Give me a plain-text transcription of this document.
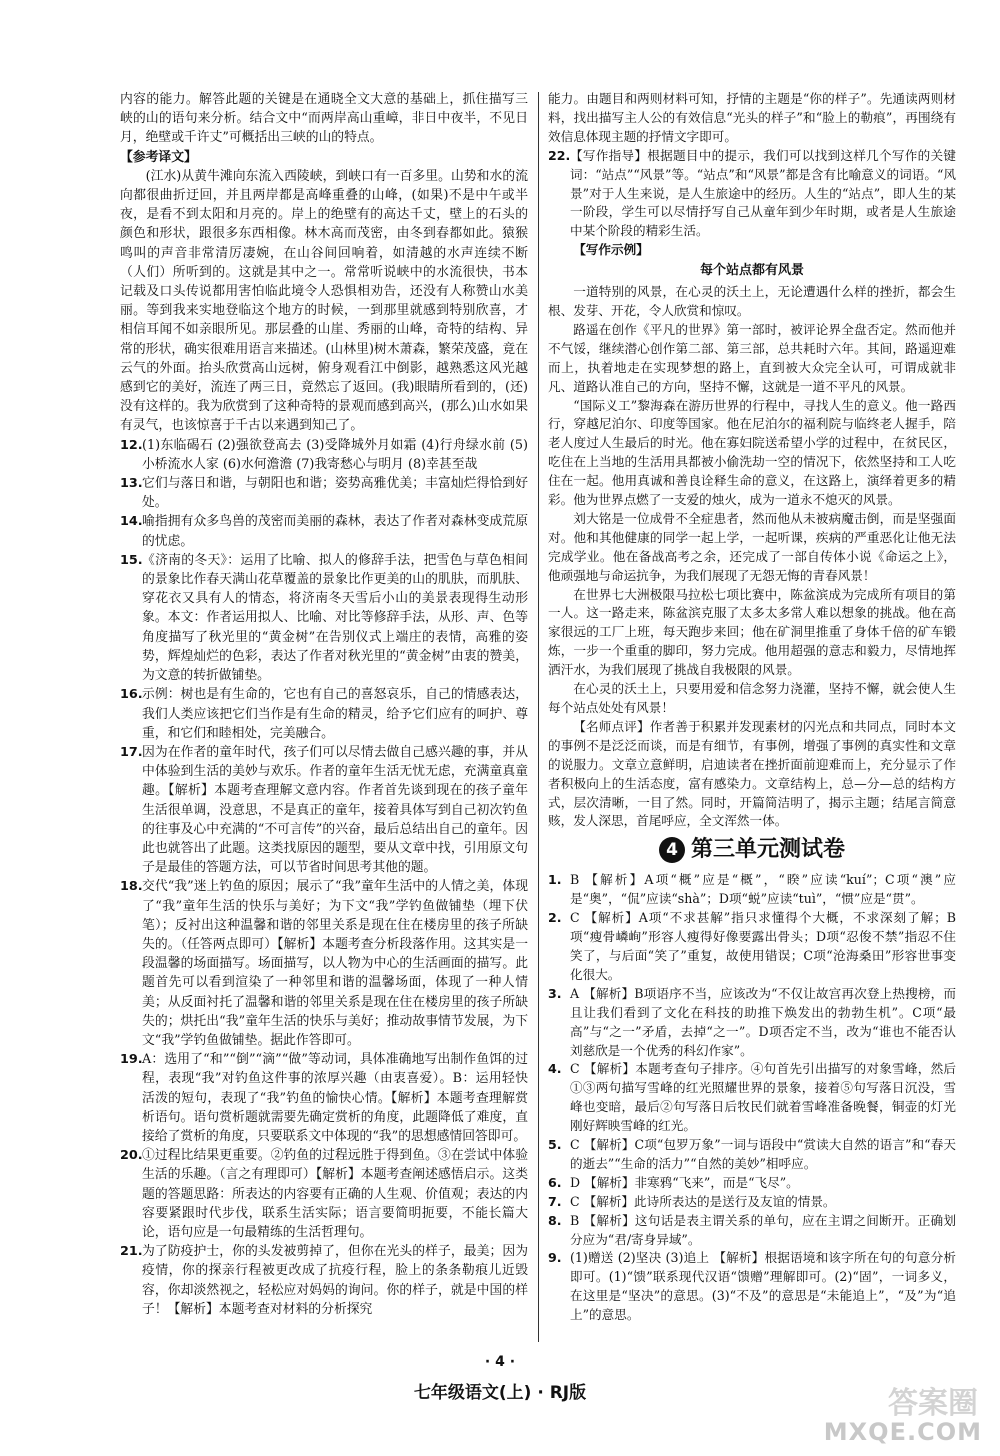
内容的能力。解答此题的关键是在通晓全文大意的基础上，抓住描写三峡的山的语句来分析。结合文中“而两岸高山重嶂，非日中夜半，不见日月，绝壁或千许丈”可概括出三峡的山的特点。

【参考译文】

(江水)从黄牛滩向东流入西陵峡，到峡口有一百多里。山势和水的流向都很曲折迂回，并且两岸都是高峰重叠的山峰，(如果)不是中午或半夜，是看不到太阳和月亮的。岸上的绝壁有的高达千丈，壁上的石头的颜色和形状，跟很多东西相像。林木高而茂密，由冬到春都如此。猿猴鸣叫的声音非常清厉凄婉，在山谷间回响着，如清越的水声连续不断（人们）所听到的。这就是其中之一。常常听说峡中的水流很快，书本记载及口头传说都用害怕临此境令人恐惧相劝告，还没有人称赞山水美丽。等到我来实地登临这个地方的时候，一到那里就感到特别欣喜，才相信耳闻不如亲眼所见。那层叠的山崖、秀丽的山峰，奇特的结构、异常的形状，确实很难用语言来描述。(山林里)树木萧森，繁荣茂盛，竟在云气的外面。抬头欣赏高山远树，俯身观看江中倒影，越熟悉这风光越感到它的美好，流连了两三日，竟然忘了返回。(我)眼睛所看到的，(还)没有这样的。我为欣赏到了这种奇特的景观而感到高兴，(那么)山水如果有灵气，也该惊喜于千古以来遇到知己了。

12. (1)东临碣石 (2)强欲登高去 (3)受降城外月如霜 (4)行舟绿水前 (5)小桥流水人家 (6)水何澹澹 (7)我寄愁心与明月 (8)幸甚至哉

13. 它们与落日和谐，与朝阳也和谐；姿势高雅优美；丰富灿烂得恰到好处。

14. 喻指拥有众多鸟兽的茂密而美丽的森林，表达了作者对森林变成荒原的忧虑。

15. 《济南的冬天》：运用了比喻、拟人的修辞手法，把雪色与草色相间的景象比作春天满山花草覆盖的景象比作更美的山的肌肤，而肌肤、穿花衣又具有人的情态，将济南冬天雪后小山的美景表现得生动形象。本文：作者运用拟人、比喻、对比等修辞手法，从形、声、色等角度描写了秋光里的“黄金树”在告别仪式上端庄的表情，高雅的姿势，辉煌灿烂的色彩，表达了作者对秋光里的“黄金树”由衷的赞美，为文意的转折做铺垫。

16. 示例：树也是有生命的，它也有自己的喜怒哀乐，自己的情感表达，我们人类应该把它们当作是有生命的精灵，给予它们应有的呵护、尊重，和它们和睦相处，完美融合。

17. 因为在作者的童年时代，孩子们可以尽情去做自己感兴趣的事，并从中体验到生活的美妙与欢乐。作者的童年生活无忧无虑，充满童真童趣。【解析】本题考查理解文意内容。作者首先谈到现在的孩子童年生活很单调，没意思，不是真正的童年，接着具体写到自己初次钓鱼的往事及心中充满的“不可言传”的兴奋，最后总结出自己的童年。因此也就答出了此题。这类找原因的题型，要从文章中找，引用原文句子是最佳的答题方法，可以节省时间思考其他的题。

18. 交代“我”迷上钓鱼的原因；展示了“我”童年生活中的人情之美，体现了“我”童年生活的快乐与美好；为下文“我”学钓鱼做铺垫（埋下伏笔）；反衬出这种温馨和谐的邻里关系是现在住在楼房里的孩子所缺失的。（任答两点即可）【解析】本题考查分析段落作用。这其实是一段温馨的场面描写。场面描写，以人物为中心的生活画面的描写。此题首先可以看到渲染了一种邻里和谐的温馨场面，体现了一种人情美；从反面衬托了温馨和谐的邻里关系是现在住在楼房里的孩子所缺失的；烘托出“我”童年生活的快乐与美好；推动故事情节发展，为下文“我”学钓鱼做铺垫。据此作答即可。

19. A：选用了“和”“倒”“滴”“做”等动词，具体准确地写出制作鱼饵的过程，表现“我”对钓鱼这件事的浓厚兴趣（由衷喜爱）。B：运用轻快活泼的短句，表现了“我”钓鱼的愉快心情。【解析】本题考查理解赏析语句。语句赏析题就需要先确定赏析的角度，此题降低了难度，直接给了赏析的角度，只要联系文中体现的“我”的思想感情回答即可。

20. ①过程比结果更重要。②钓鱼的过程远胜于得到鱼。③在尝试中体验生活的乐趣。（言之有理即可）【解析】本题考查阐述感悟启示。这类题的答题思路：所表达的内容要有正确的人生观、价值观；表达的内容要紧跟时代步伐，联系生活实际；语言要简明扼要，不能长篇大论，语句应是一句最精练的生活哲理句。

21. 为了防疫护士，你的头发被剪掉了，但你在光头的样子，最美；因为疫情，你的探亲行程被更改成了抗疫行程，脸上的条条勒痕儿近毁容，你却淡然视之，轻松应对妈妈的询问。你的样子，就是中国的样子！【解析】本题考查对材料的分析探究

能力。由题目和两则材料可知，抒情的主题是“你的样子”。先通读两则材料，找出描写主人公的有效信息“光头的样子”和“脸上的勒痕”，再围绕有效信息体现主题的抒情文字即可。

22. 【写作指导】根据题目中的提示，我们可以找到这样几个写作的关键词：“站点”“风景”等。“站点”和“风景”都是含有比喻意义的词语。“风景”对于人生来说，是人生旅途中的经历。人生的“站点”，即人生的某一阶段，学生可以尽情抒写自己从童年到少年时期，或者是人生旅途中某个阶段的精彩生活。

【写作示例】

每个站点都有风景

一道特别的风景，在心灵的沃土上，无论遭遇什么样的挫折，都会生根、发芽、开花，令人欣赏和惊叹。

路遥在创作《平凡的世界》第一部时，被评论界全盘否定。然而他并不气馁，继续潜心创作第二部、第三部，总共耗时六年。其间，路遥迎难而上，执着地走在实现梦想的路上，直到被大众完全认可，可谓成就非凡、道路认准自己的方向，坚持不懈，这就是一道不平凡的风景。

“国际义工”黎海森在游历世界的行程中，寻找人生的意义。他一路西行，穿越尼泊尔、印度等国家。他在尼泊尔的福利院与临终老人握手，陪老人度过人生最后的时光。他在寡妇院送希望小学的过程中，在贫民区，吃住在上当地的生活用具都被小偷洗劫一空的情况下，依然坚持和工人吃住在一起。他用真诚和善良诠释生命的意义，在这路上，演绎着更多的精彩。他为世界点燃了一支爱的烛火，成为一道永不熄灭的风景。

刘大铭是一位成骨不全症患者，然而他从未被病魔击倒，而是坚强面对。他和其他健康的同学一起上学，一起听课，疾病的严重恶化让他无法完成学业。他在备战高考之余，还完成了一部自传体小说《命运之上》，他顽强地与命运抗争，为我们展现了无怨无悔的青春风景！

在世界七大洲极限马拉松七项比赛中，陈盆滨成为完成所有项目的第一人。这一路走来，陈盆滨克服了太多太多常人难以想象的挑战。他在高家很远的工厂上班，每天跑步来回；他在矿洞里推重了身体千倍的矿车锻炼，一步一个重重的脚印，努力完成。他用超强的意志和毅力，尽情地挥洒汗水，为我们展现了挑战自我极限的风景。

在心灵的沃土上，只要用爱和信念努力浇灌，坚持不懈，就会使人生每个站点处处有风景！

【名师点评】作者善于积累并发现素材的闪光点和共同点，同时本文的事例不是泛泛而谈，而是有细节，有事例，增强了事例的真实性和文章的说服力。文章立意鲜明，启迪读者在挫折面前迎难而上，充分显示了作者积极向上的生活态度，富有感染力。文章结构上，总—分—总的结构方式，层次清晰，一目了然。同时，开篇简洁明了，揭示主题；结尾言简意赅，发人深思，首尾呼应，全文浑然一体。

4 第三单元测试卷

1. B 【解析】A项“概”应是“概”，“睽”应读“kuí”；C项“澳”应是“奥”，“侃”应读“shà”；D项“蜕”应读“tuì”，“惯”应是“贯”。

2. C 【解析】A项“不求甚解”指只求懂得个大概，不求深刻了解；B项“瘦骨嶙峋”形容人瘦得好像要露出骨头；D项“忍俊不禁”指忍不住笑了，与后面“笑了”重复，故使用错误；C项“沧海桑田”形容世事变化很大。

3. A 【解析】B项语序不当，应该改为“不仅让故宫再次登上热搜榜，而且让我们看到了文化在科技的助推下焕发出的勃勃生机”。C项“最高”与“之一”矛盾，去掉“之一”。D项否定不当，改为“谁也不能否认刘慈欣是一个优秀的科幻作家”。

4. C 【解析】本题考查句子排序。④句首先引出描写的对象雪峰，然后①③两句描写雪峰的红光照耀世界的景象，接着⑤句写落日沉没，雪峰也变暗，最后②句写落日后牧民们就着雪峰准备晚餐，铜壶的灯光刚好辉映雪峰的红光。

5. C 【解析】C项“包罗万象”一词与语段中“赏读大自然的语言”和“春天的逝去”“生命的活力”“自然的美妙”相呼应。

6. D 【解析】非寒鸦“飞来”，而是“飞尽”。

7. C 【解析】此诗所表达的是送行及友谊的情景。

8. B 【解析】这句话是表主谓关系的单句，应在主谓之间断开。正确划分应为“君/寄身异域”。

9. (1)赠送 (2)坚决 (3)追上 【解析】根据语境和该字所在句的句意分析即可。(1)“馈”联系现代汉语“馈赠”理解即可。(2)“固”，一词多义，在这里是“坚决”的意思。(3)“不及”的意思是“未能追上”，“及”为“追上”的意思。

· 4 ·
七年级语文(上) · RJ版	答案圈
MXQE.COM
